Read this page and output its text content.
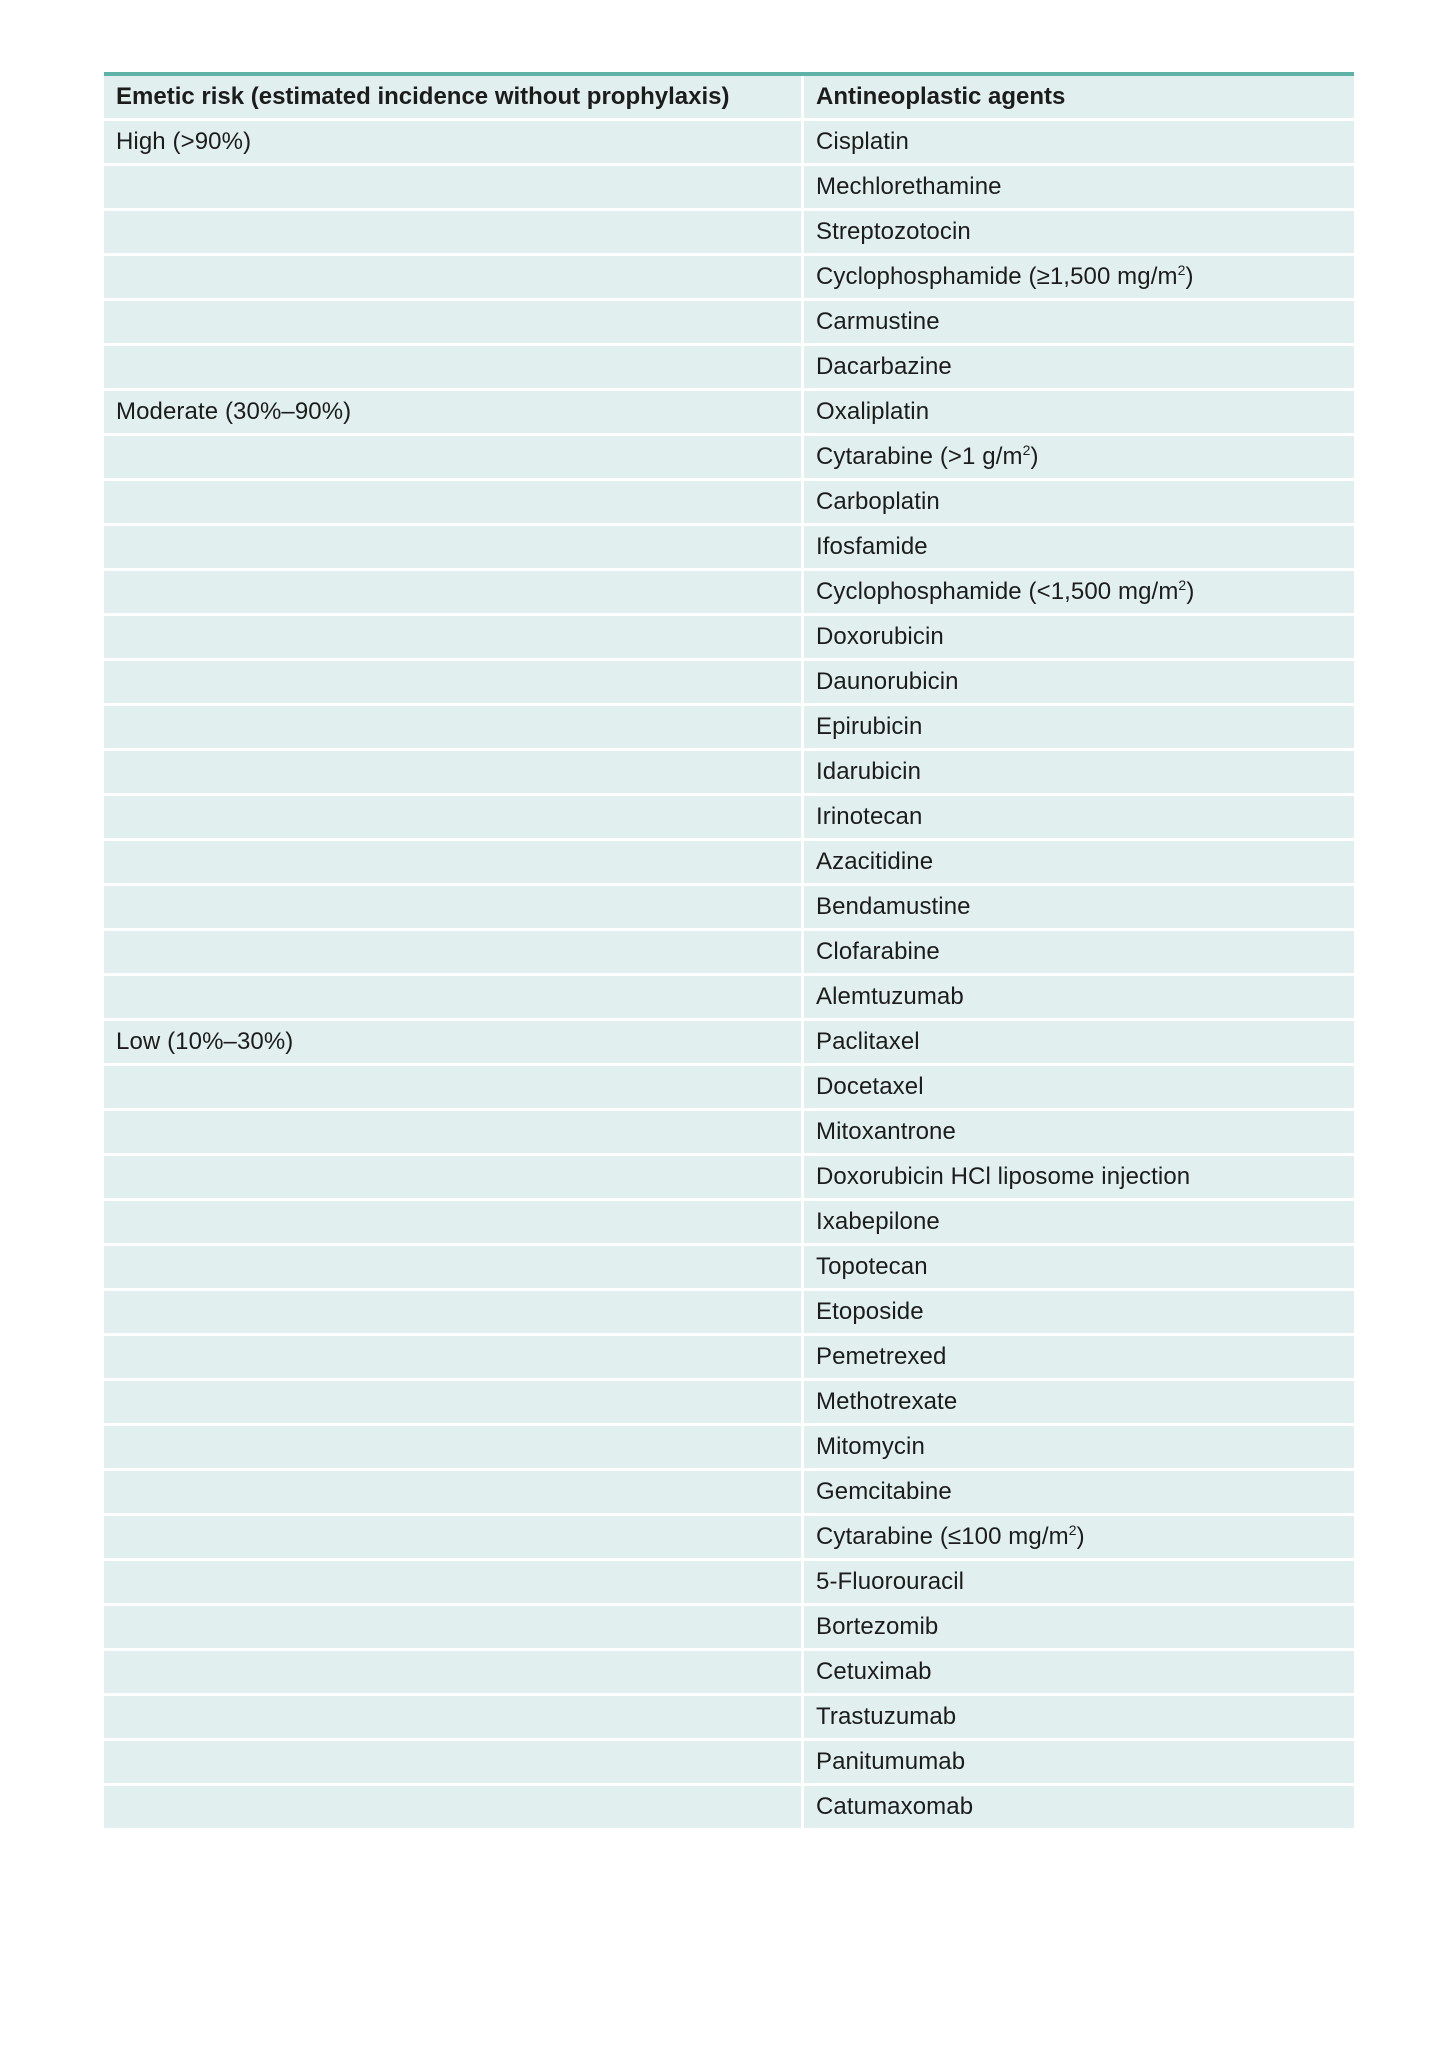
Emetic risk (estimated incidence without prophylaxis)	Antineoplastic agents
High (>90%)	Cisplatin
	Mechlorethamine
	Streptozotocin
	Cyclophosphamide (≥1,500 $mg/m^2$)
	Carmustine
	Dacarbazine
Moderate (30%–90%)	Oxaliplatin
	Cytarabine (>1 $g/m^2$)
	Carboplatin
	Ifosfamide
	Cyclophosphamide (<1,500 $mg/m^2$)
	Doxorubicin
	Daunorubicin
	Epirubicin
	Idarubicin
	Irinotecan
	Azacitidine
	Bendamustine
	Clofarabine
	Alemtuzumab
Low (10%–30%)	Paclitaxel
	Docetaxel
	Mitoxantrone
	Doxorubicin HCl liposome injection
	Ixabepilone
	Topotecan
	Etoposide
	Pemetrexed
	Methotrexate
	Mitomycin
	Gemcitabine
	Cytarabine (≤100 $mg/m^2$)
	5-Fluorouracil
	Bortezomib
	Cetuximab
	Trastuzumab
	Panitumumab
	Catumaxomab
